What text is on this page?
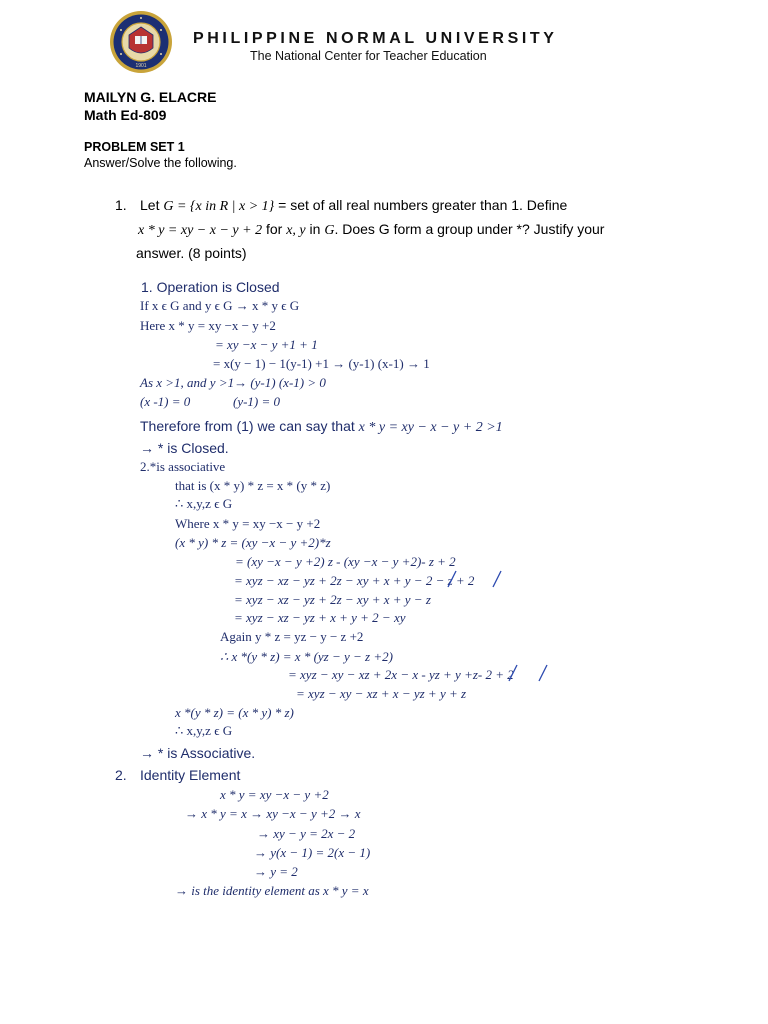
1901
PHILIPPINE NORMAL UNIVERSITY
The National Center for Teacher Education
MAILYN G. ELACRE
Math Ed-809
PROBLEM SET 1
Answer/Solve the following.
1. Let G = {x in R | x > 1} = set of all real numbers greater than 1. Define
x * y = xy − x − y + 2 for x, y in G. Does G form a group under *? Justify your
answer. (8 points)
1. Operation is Closed
If x ϵ G and y ϵ G → x * y ϵ G
Here x * y = xy −x − y +2
= xy −x − y +1 + 1
= x(y − 1) − 1(y-1) +1 → (y-1) (x-1) → 1
As x >1, and y >1→ (y-1) (x-1) > 0
(x -1) = 0	(y-1) = 0
Therefore from (1) we can say that x * y = xy − x − y + 2 >1
→ * is Closed.
2.*is associative
that is (x * y) * z = x * (y * z)
∴ x,y,z ϵ G
Where x * y = xy −x − y +2
(x * y) * z = (xy −x − y +2)*z
= (xy −x − y +2) z - (xy −x − y +2)- z + 2
= xyz − xz − yz + 2z − xy + x + y − 2 − z + 2
= xyz − xz − yz + 2z − xy + x + y − z
= xyz − xz − yz + x + y + 2 − xy
Again y * z = yz − y − z +2
∴ x *(y * z) = x * (yz − y − z +2)
= xyz − xy − xz + 2x − x - yz + y +z- 2 + 2
= xyz − xy − xz + x − yz + y + z
x *(y * z) = (x * y) * z)
∴ x,y,z ϵ G
→ * is Associative.
2. Identity Element
x * y = xy −x − y +2
→ x * y = x → xy −x − y +2 → x
→ xy − y = 2x − 2
→ y(x − 1) = 2(x − 1)
→ y = 2
→ is the identity element as x * y = x
